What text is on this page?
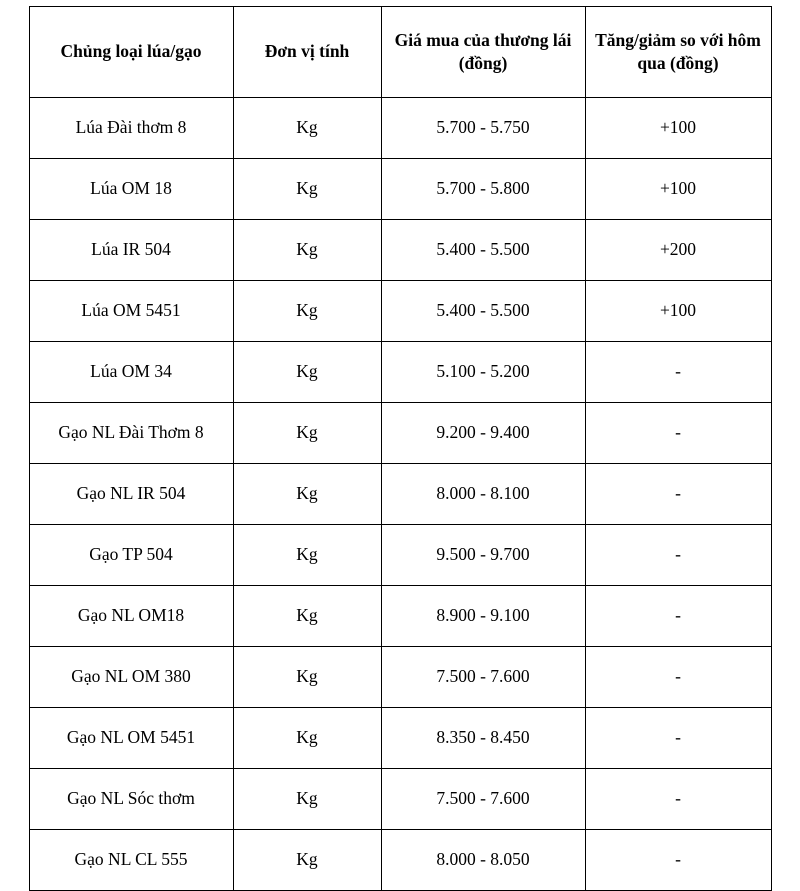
Chủng loại lúa/gạo	Đơn vị tính	Giá mua của thương lái (đồng)	Tăng/giảm so với hôm qua (đồng)
Lúa Đài thơm 8	Kg	5.700 - 5.750	+100
Lúa OM 18	Kg	5.700 - 5.800	+100
Lúa IR 504	Kg	5.400 - 5.500	+200
Lúa OM 5451	Kg	5.400 - 5.500	+100
Lúa OM 34	Kg	5.100 - 5.200	-
Gạo NL Đài Thơm 8	Kg	9.200 - 9.400	-
Gạo NL IR 504	Kg	8.000 - 8.100	-
Gạo TP 504	Kg	9.500 - 9.700	-
Gạo NL OM18	Kg	8.900 - 9.100	-
Gạo NL OM 380	Kg	7.500 - 7.600	-
Gạo NL OM 5451	Kg	8.350 - 8.450	-
Gạo NL Sóc thơm	Kg	7.500 - 7.600	-
Gạo NL CL 555	Kg	8.000 - 8.050	-
